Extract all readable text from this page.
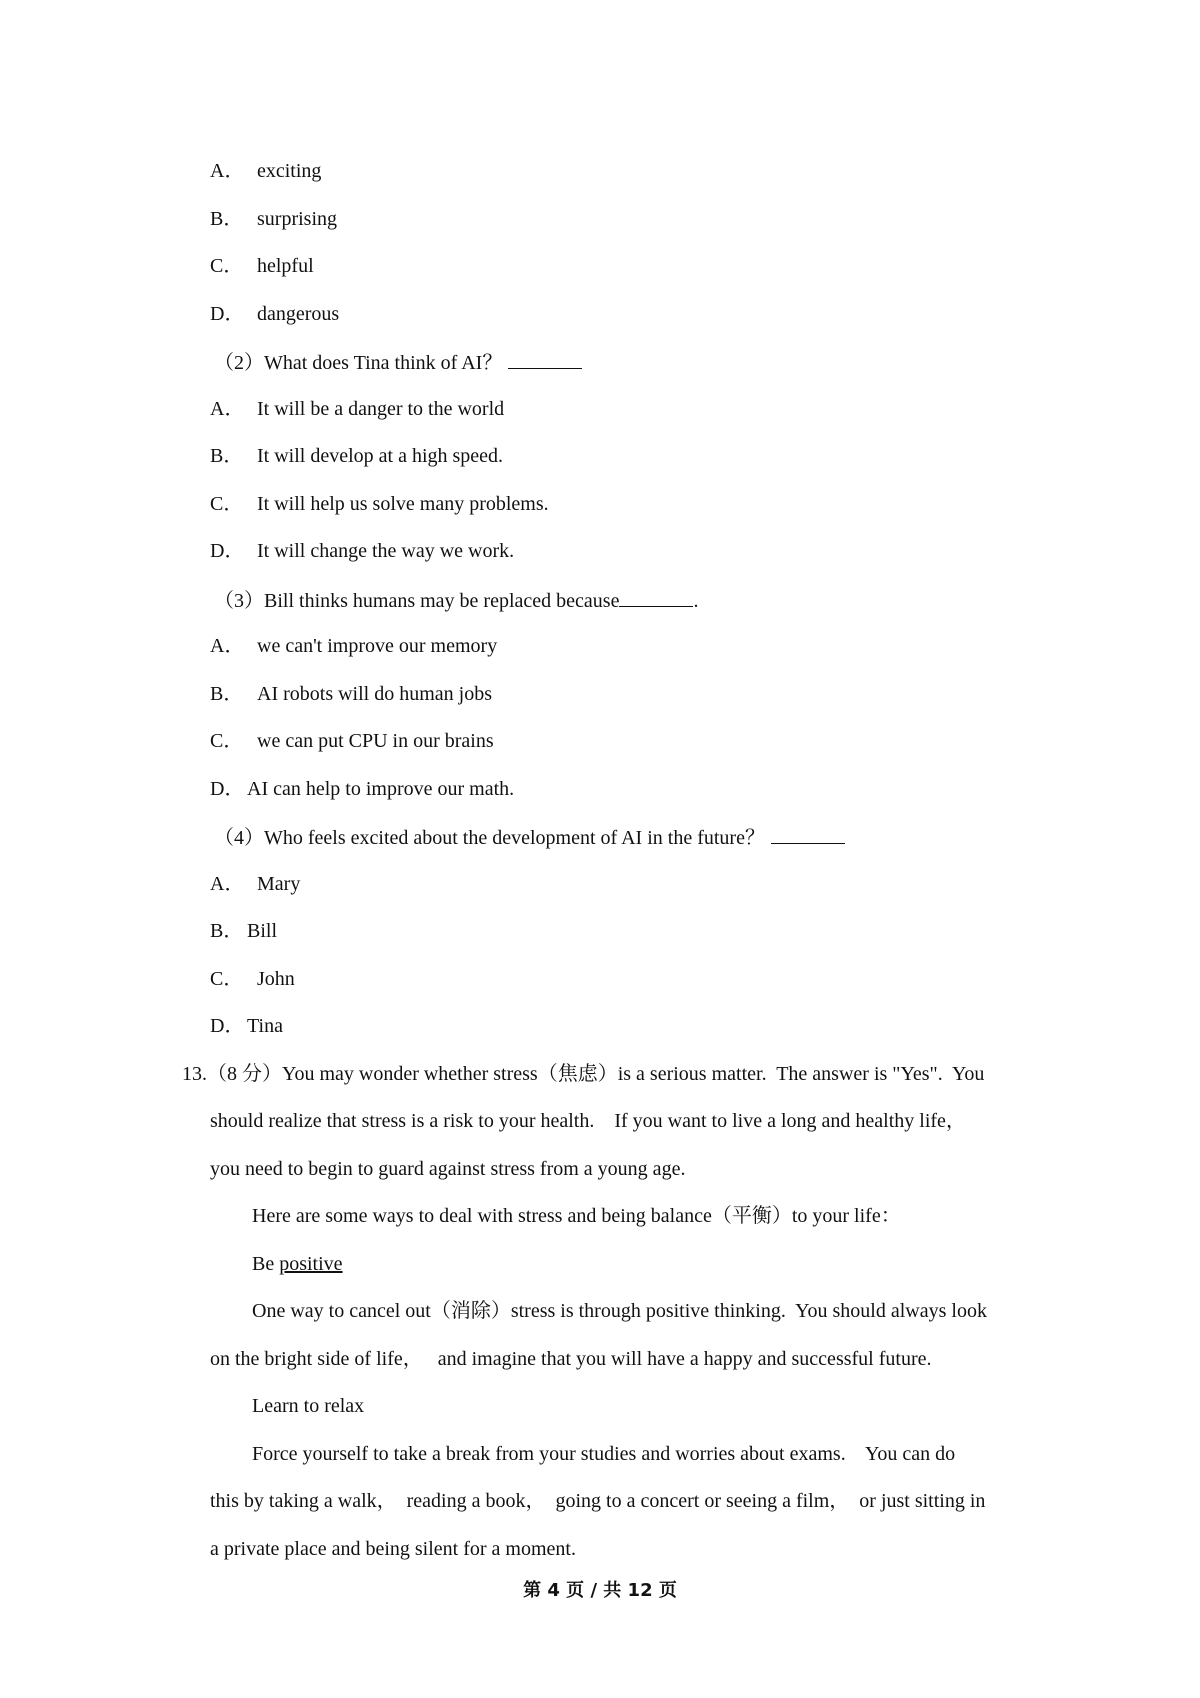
A． exciting
B． surprising
C． helpful
D． dangerous
（2）What does Tina think of AI？
A． It will be a danger to the world
B． It will develop at a high speed.
C． It will help us solve many problems.
D． It will change the way we work.
（3）Bill thinks humans may be replaced because	.
A． we can't improve our memory
B． AI robots will do human jobs
C． we can put CPU in our brains
D． AI can help to improve our math.
（4）Who feels excited about the development of AI in the future？
A． Mary
B． Bill
C． John
D． Tina
13.（8 分）You may wonder whether stress（焦虑）is a serious matter.  The answer is "Yes".  You
should realize that stress is a risk to your health.    If you want to live a long and healthy life，
you need to begin to guard against stress from a young age.
Here are some ways to deal with stress and being balance（平衡）to your life：
Be positive
One way to cancel out（消除）stress is through positive thinking.  You should always look
on the bright side of life，   and imagine that you will have a happy and successful future.
Learn to relax
Force yourself to take a break from your studies and worries about exams.    You can do
this by taking a walk，  reading a book，  going to a concert or seeing a film，  or just sitting in
a private place and being silent for a moment.
第 4 页 / 共 12 页
